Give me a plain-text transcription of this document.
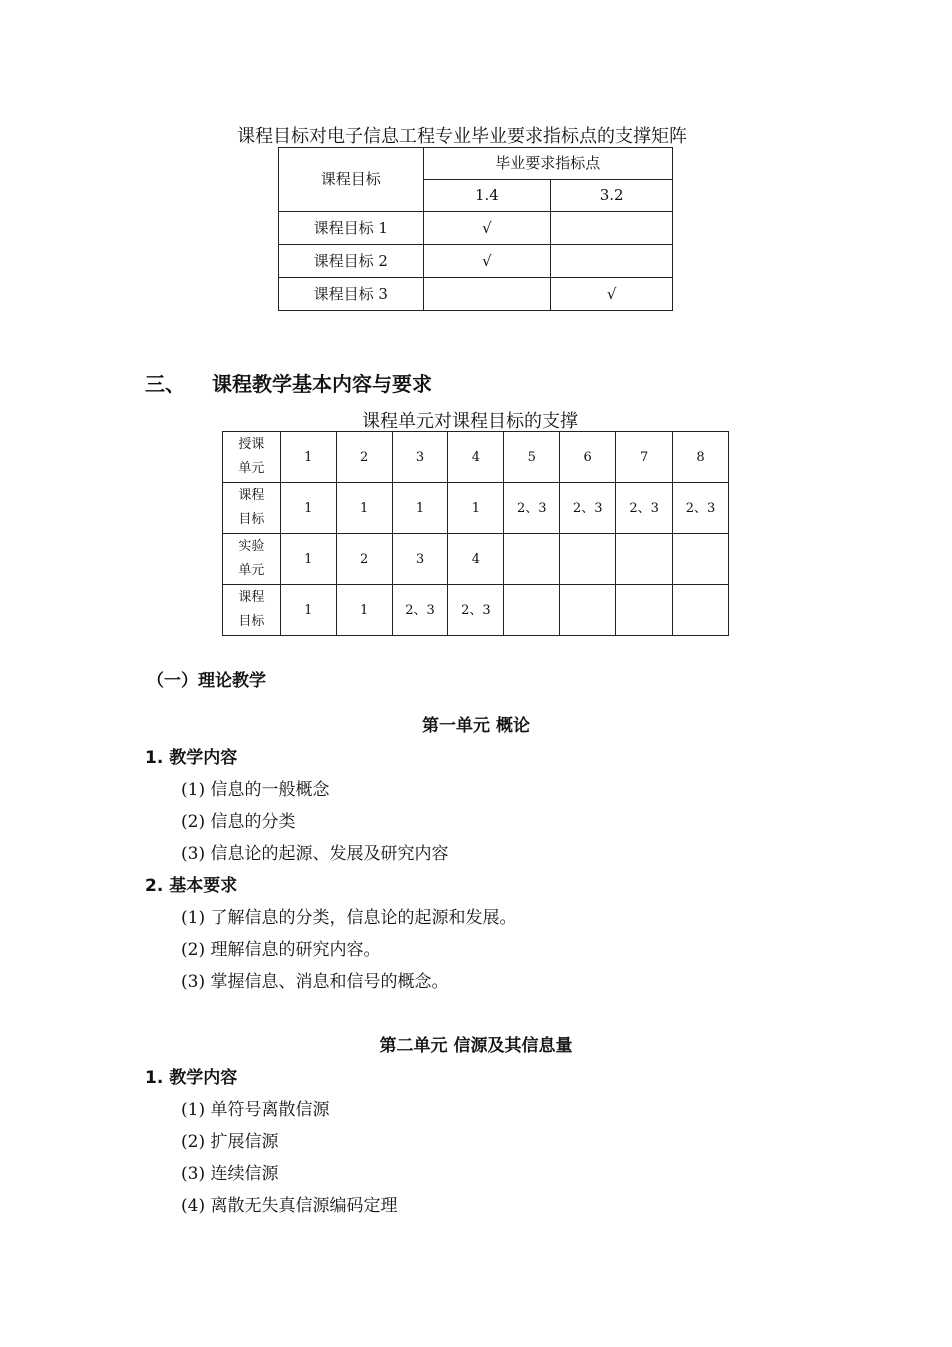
课程目标对电子信息工程专业毕业要求指标点的支撑矩阵
课程目标	毕业要求指标点	
	1.4	3.2
课程目标 1	√	
课程目标 2	√	
课程目标 3		√
三、 课程教学基本内容与要求
课程单元对课程目标的支撑
授课
单元	1	2	3	4	5	6	7	8
课程
目标	1	1	1	1	2、3	2、3	2、3	2、3
实验
单元	1	2	3	4				
课程
目标	1	1	2、3	2、3				
（一）理论教学
第一单元 概论
1. 教学内容
(1) 信息的一般概念
(2) 信息的分类
(3) 信息论的起源、发展及研究内容
2. 基本要求
(1) 了解信息的分类，信息论的起源和发展。
(2) 理解信息的研究内容。
(3) 掌握信息、消息和信号的概念。
第二单元 信源及其信息量
1. 教学内容
(1) 单符号离散信源
(2) 扩展信源
(3) 连续信源
(4) 离散无失真信源编码定理
